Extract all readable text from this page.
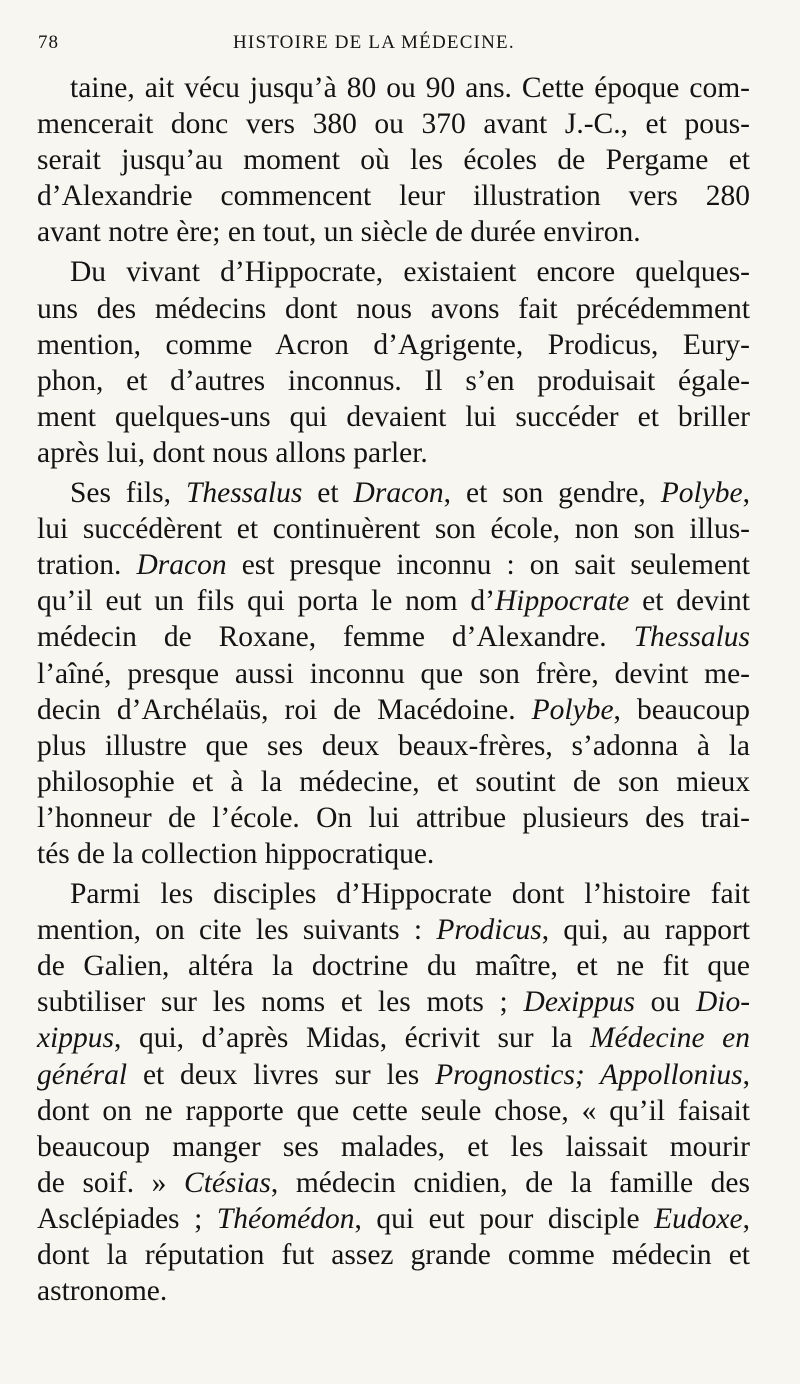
78	HISTOIRE DE LA MÉDECINE.
taine, ait vécu jusqu’à 80 ou 90 ans. Cette époque com-
mencerait donc vers 380 ou 370 avant J.-C., et pous-
serait jusqu’au moment où les écoles de Pergame et
d’Alexandrie commencent leur illustration vers 280
avant notre ère; en tout, un siècle de durée environ.
Du vivant d’Hippocrate, existaient encore quelques-
uns des médecins dont nous avons fait précédemment
mention, comme Acron d’Agrigente, Prodicus, Eury-
phon, et d’autres inconnus. Il s’en produisait égale-
ment quelques-uns qui devaient lui succéder et briller
après lui, dont nous allons parler.
Ses fils, Thessalus et Dracon, et son gendre, Polybe,
lui succédèrent et continuèrent son école, non son illus-
tration. Dracon est presque inconnu : on sait seulement
qu’il eut un fils qui porta le nom d’Hippocrate et devint
médecin de Roxane, femme d’Alexandre. Thessalus
l’aîné, presque aussi inconnu que son frère, devint me-
decin d’Archélaüs, roi de Macédoine. Polybe, beaucoup
plus illustre que ses deux beaux-frères, s’adonna à la
philosophie et à la médecine, et soutint de son mieux
l’honneur de l’école. On lui attribue plusieurs des trai-
tés de la collection hippocratique.
Parmi les disciples d’Hippocrate dont l’histoire fait
mention, on cite les suivants : Prodicus, qui, au rapport
de Galien, altéra la doctrine du maître, et ne fit que
subtiliser sur les noms et les mots ; Dexippus ou Dio-
xippus, qui, d’après Midas, écrivit sur la Médecine en
général et deux livres sur les Prognostics; Appollonius,
dont on ne rapporte que cette seule chose, « qu’il faisait
beaucoup manger ses malades, et les laissait mourir
de soif. » Ctésias, médecin cnidien, de la famille des
Asclépiades ; Théomédon, qui eut pour disciple Eudoxe,
dont la réputation fut assez grande comme médecin et
astronome.
